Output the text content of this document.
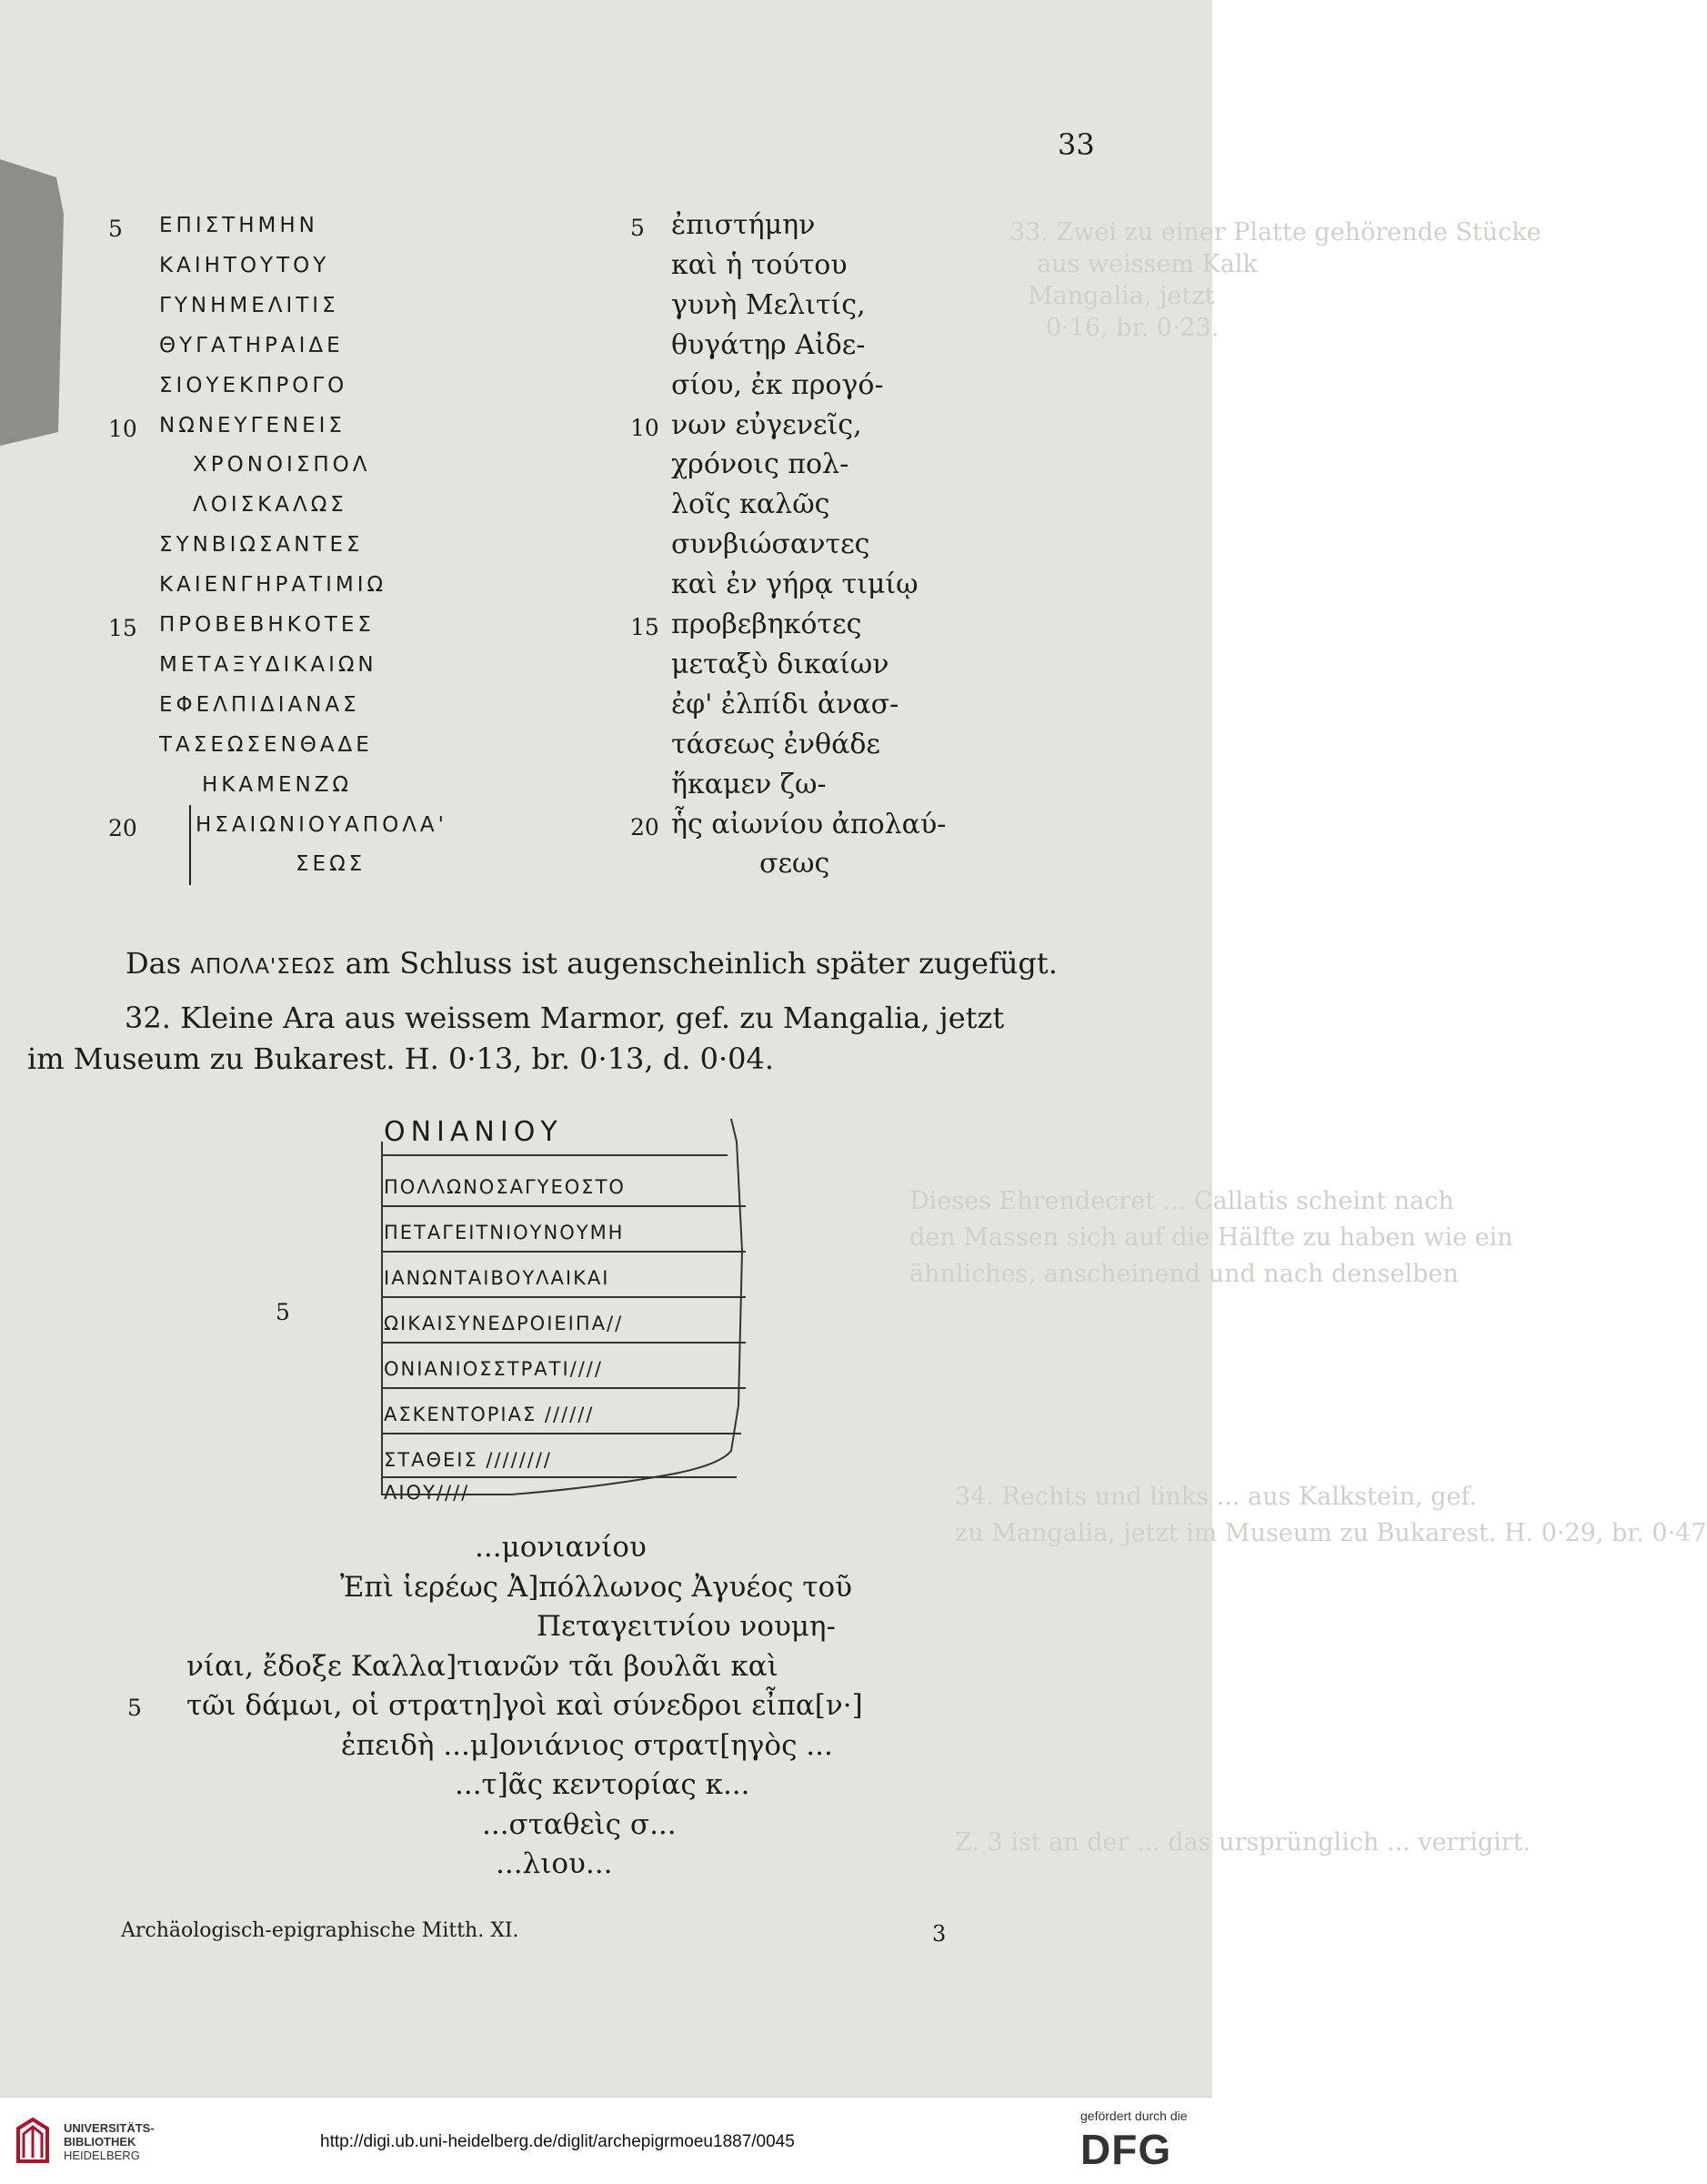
33. Zwei zu einer Platte gehörende Stücke
aus weissem Kalk
Mangalia, jetzt
0·16, br. 0·23.
Dieses Ehrendecret ... Callatis scheint nach
den Massen sich auf die Hälfte zu haben wie ein
ähnliches, anscheinend und nach denselben
34. Rechts und links ... aus Kalkstein, gef.
zu Mangalia, jetzt im Museum zu Bukarest. H. 0·29, br. 0·47
Z. 3 ist an der ... das ursprünglich ... verrigirt.
33
Das ΑΠΟΛΑ'ΣΕΩΣ am Schluss ist augenscheinlich später zugefügt.
32. Kleine Ara aus weissem Marmor, gef. zu Mangalia, jetzt
im Museum zu Bukarest. H. 0·13, br. 0·13, d. 0·04.
ΟΝΙΑΝΙΟΥ
ΠΟΛΛΩΝΟΣΑΓΥΕΟΣΤΟ
ΠΕΤΑΓΕΙΤΝΙΟΥΝΟΥΜΗ
ΙΑΝΩΝΤΑΙΒΟΥΛΑΙΚΑΙ
ΩΙΚΑΙΣΥΝΕΔΡΟΙΕΙΠΑ//
ΟΝΙΑΝΙΟΣΣΤΡΑΤΙ////
ΑΣΚΕΝΤΟΡΙΑΣ //////
ΣΤΑΘΕΙΣ ////////
ΛΙΟΥ////
5
Archäologisch-epigraphische Mitth. XI.	3
5 ΕΠΙΣΤΗΜΗΝ
ΚΑΙΗΤΟΥΤΟΥ
ΓΥΝΗΜΕΛΙΤΙΣ
ΘΥΓΑΤΗΡΑΙΔΕ
ΣΙΟΥΕΚΠΡΟΓΟ
10 ΝΩΝΕΥΓΕΝΕΙΣ
ΧΡΟΝΟΙΣΠΟΛ
ΛΟΙΣΚΑΛΩΣ
ΣΥΝΒΙΩΣΑΝΤΕΣ
ΚΑΙΕΝΓΗΡΑΤΙΜΙΩ
15 ΠΡΟΒΕΒΗΚΟΤΕΣ
ΜΕΤΑΞΥΔΙΚΑΙΩΝ
ΕΦΕΛΠΙΔΙΑΝΑΣ
ΤΑΣΕΩΣΕΝΘΑΔΕ
ΗΚΑΜΕΝΖΩ
20	ΗΣΑΙΩΝΙΟΥΑΠΟΛΑ'
ΣΕΩΣ
5 ἐπιστήμην
καὶ ἡ τούτου
γυνὴ Μελιτίς,
θυγάτηρ Αἰδε-
σίου, ἐκ προγό-
10 νων εὐγενεῖς,
χρόνοις πολ-
λοῖς καλῶς
συνβιώσαντες
καὶ ἐν γήρᾳ τιμίῳ
15 προβεβηκότες
μεταξὺ δικαίων
ἐφ' ἐλπίδι ἀνασ-
τάσεως ἐνθάδε
ἥκαμεν ζω-
20 ἧς αἰωνίου ἀπολαύ-
σεως
...μονιανίου
Ἐπὶ ἱερέως Ἀ]πόλλωνος Ἀγυέος τοῦ
Πεταγειτνίου νουμη-
νίαι, ἔδοξε Καλλα]τιανῶν τᾶι βουλᾶι καὶ
5 τῶι δάμωι, οἱ στρατη]γοὶ καὶ σύνεδροι εἶπα[ν·]
ἐπειδὴ ...μ]ονιάνιος στρατ[ηγὸς ...
...τ]ᾶς κεντορίας κ...
...σταθεὶς σ...
...λιου...
UNIVERSITÄTS-
BIBLIOTHEK
HEIDELBERG
http://digi.ub.uni-heidelberg.de/diglit/archepigrmoeu1887/0045
gefördert durch die
DFG
